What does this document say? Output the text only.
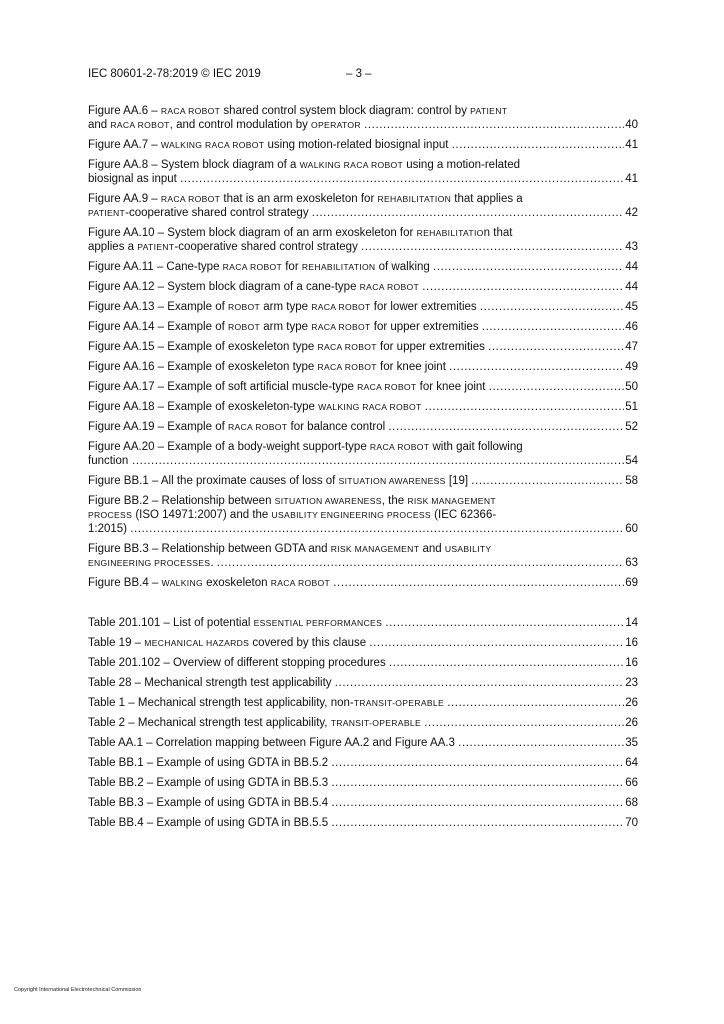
IEC 80601-2-78:2019 © IEC 2019	– 3 –
Figure AA.6 – RACA ROBOT shared control system block diagram: control by PATIENT
and RACA ROBOT, and control modulation by OPERATOR .....	40
Figure AA.7 – WALKING RACA ROBOT using motion-related biosignal input .....	41
Figure AA.8 – System block diagram of a WALKING RACA ROBOT using a motion-related
biosignal as input .....	41
Figure AA.9 – RACA ROBOT that is an arm exoskeleton for REHABILITATION that applies a
PATIENT-cooperative shared control strategy .....	42
Figure AA.10 – System block diagram of an arm exoskeleton for REHABILITATIOn that
applies a PATIENT-cooperative shared control strategy .....	43
Figure AA.11 – Cane-type RACA ROBOT for REHABILITATION of walking .....	44
Figure AA.12 – System block diagram of a cane-type RACA ROBOT .....	44
Figure AA.13 – Example of ROBOT arm type RACA ROBOT for lower extremities .....	45
Figure AA.14 – Example of ROBOT arm type RACA ROBOT for upper extremities .....	46
Figure AA.15 – Example of exoskeleton type RACA ROBOT for upper extremities .....	47
Figure AA.16 – Example of exoskeleton type RACA ROBOT for knee joint .....	49
Figure AA.17 – Example of soft artificial muscle-type RACA ROBOT for knee joint .....	50
Figure AA.18 – Example of exoskeleton-type WALKING RACA ROBOT .....	51
Figure AA.19 – Example of RACA ROBOT for balance control .....	52
Figure AA.20 – Example of a body-weight support-type RACA ROBOT with gait following
function .....	54
Figure BB.1 – All the proximate causes of loss of SITUATION AWARENESS [19] .....	58
Figure BB.2 – Relationship between SITUATION AWARENESS, the RISK MANAGEMENT
PROCESS (ISO 14971:2007) and the USABILITY ENGINEERING PROCESS (IEC 62366-
1:2015) .....	60
Figure BB.3 – Relationship between GDTA and RISK MANAGEMENT and USABILITY
ENGINEERING PROCESSES. .....	63
Figure BB.4 – WALKING exoskeleton RACA ROBOT .....	69
Table 201.101 – List of potential ESSENTIAL PERFORMANCES .....	14
Table 19 – MECHANICAL HAZARDS covered by this clause .....	16
Table 201.102 – Overview of different stopping procedures .....	16
Table 28 – Mechanical strength test applicability .....	23
Table 1 – Mechanical strength test applicability, non-TRANSIT-OPERABLE .....	26
Table 2 – Mechanical strength test applicability, TRANSIT-OPERABLE .....	26
Table AA.1 – Correlation mapping between Figure AA.2 and Figure AA.3 .....	35
Table BB.1 – Example of using GDTA in BB.5.2 .....	64
Table BB.2 – Example of using GDTA in BB.5.3 .....	66
Table BB.3 – Example of using GDTA in BB.5.4 .....	68
Table BB.4 – Example of using GDTA in BB.5.5 .....	70
Copyright International Electrotechnical Commission
